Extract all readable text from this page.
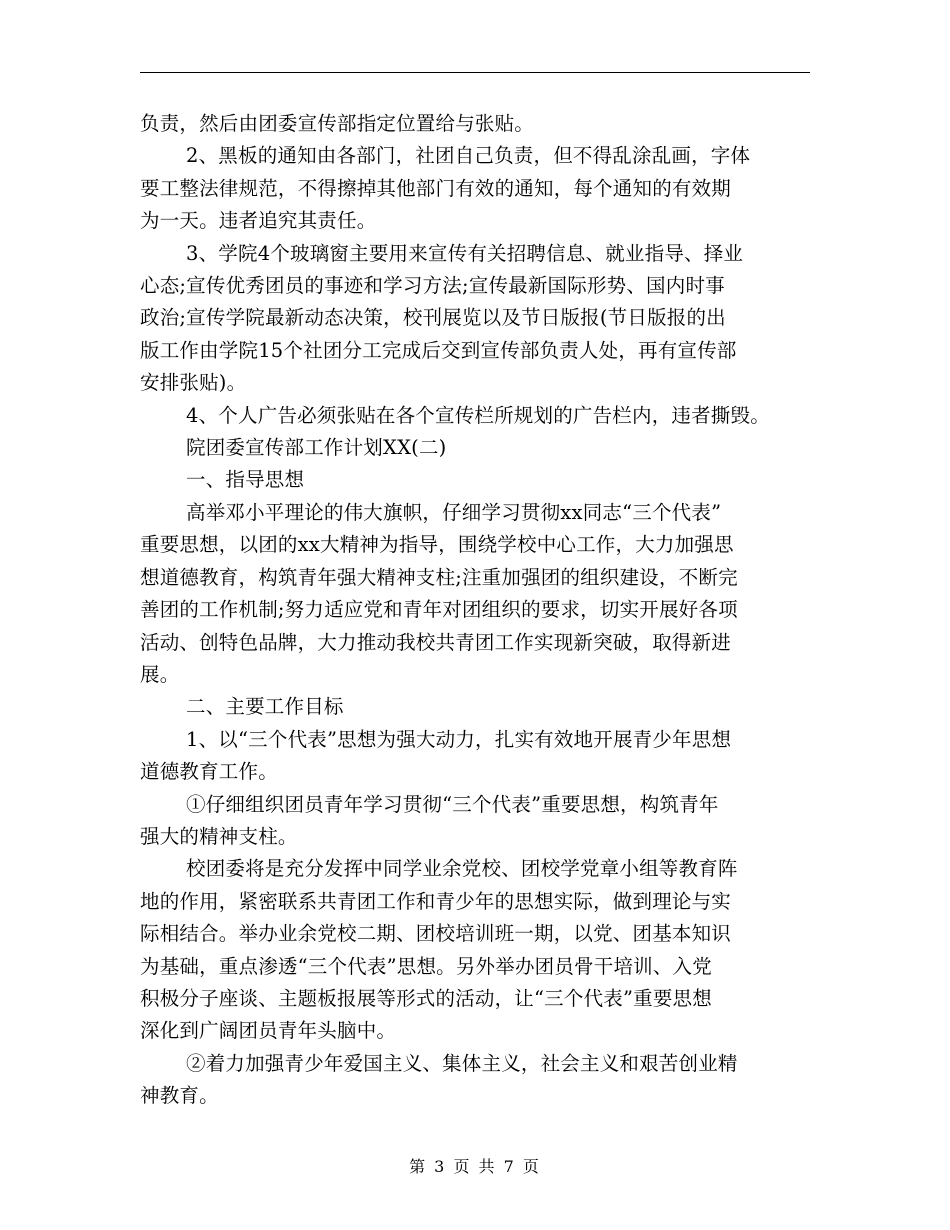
负责，然后由团委宣传部指定位置给与张贴。
2、黑板的通知由各部门，社团自己负责，但不得乱涂乱画，字体
要工整法律规范，不得擦掉其他部门有效的通知，每个通知的有效期
为一天。违者追究其责任。
3、学院4个玻璃窗主要用来宣传有关招聘信息、就业指导、择业
心态;宣传优秀团员的事迹和学习方法;宣传最新国际形势、国内时事
政治;宣传学院最新动态决策，校刊展览以及节日版报(节日版报的出
版工作由学院15个社团分工完成后交到宣传部负责人处，再有宣传部
安排张贴)。
4、个人广告必须张贴在各个宣传栏所规划的广告栏内，违者撕毁。
院团委宣传部工作计划XX(二)
一、指导思想
高举邓小平理论的伟大旗帜，仔细学习贯彻xx同志“三个代表”
重要思想，以团的xx大精神为指导，围绕学校中心工作，大力加强思
想道德教育，构筑青年强大精神支柱;注重加强团的组织建设，不断完
善团的工作机制;努力适应党和青年对团组织的要求，切实开展好各项
活动、创特色品牌，大力推动我校共青团工作实现新突破，取得新进
展。
二、主要工作目标
1、以“三个代表”思想为强大动力，扎实有效地开展青少年思想
道德教育工作。
①仔细组织团员青年学习贯彻“三个代表”重要思想，构筑青年
强大的精神支柱。
校团委将是充分发挥中同学业余党校、团校学党章小组等教育阵
地的作用，紧密联系共青团工作和青少年的思想实际，做到理论与实
际相结合。举办业余党校二期、团校培训班一期，以党、团基本知识
为基础，重点渗透“三个代表”思想。另外举办团员骨干培训、入党
积极分子座谈、主题板报展等形式的活动，让“三个代表”重要思想
深化到广阔团员青年头脑中。
②着力加强青少年爱国主义、集体主义，社会主义和艰苦创业精
神教育。
第 3 页 共 7 页
